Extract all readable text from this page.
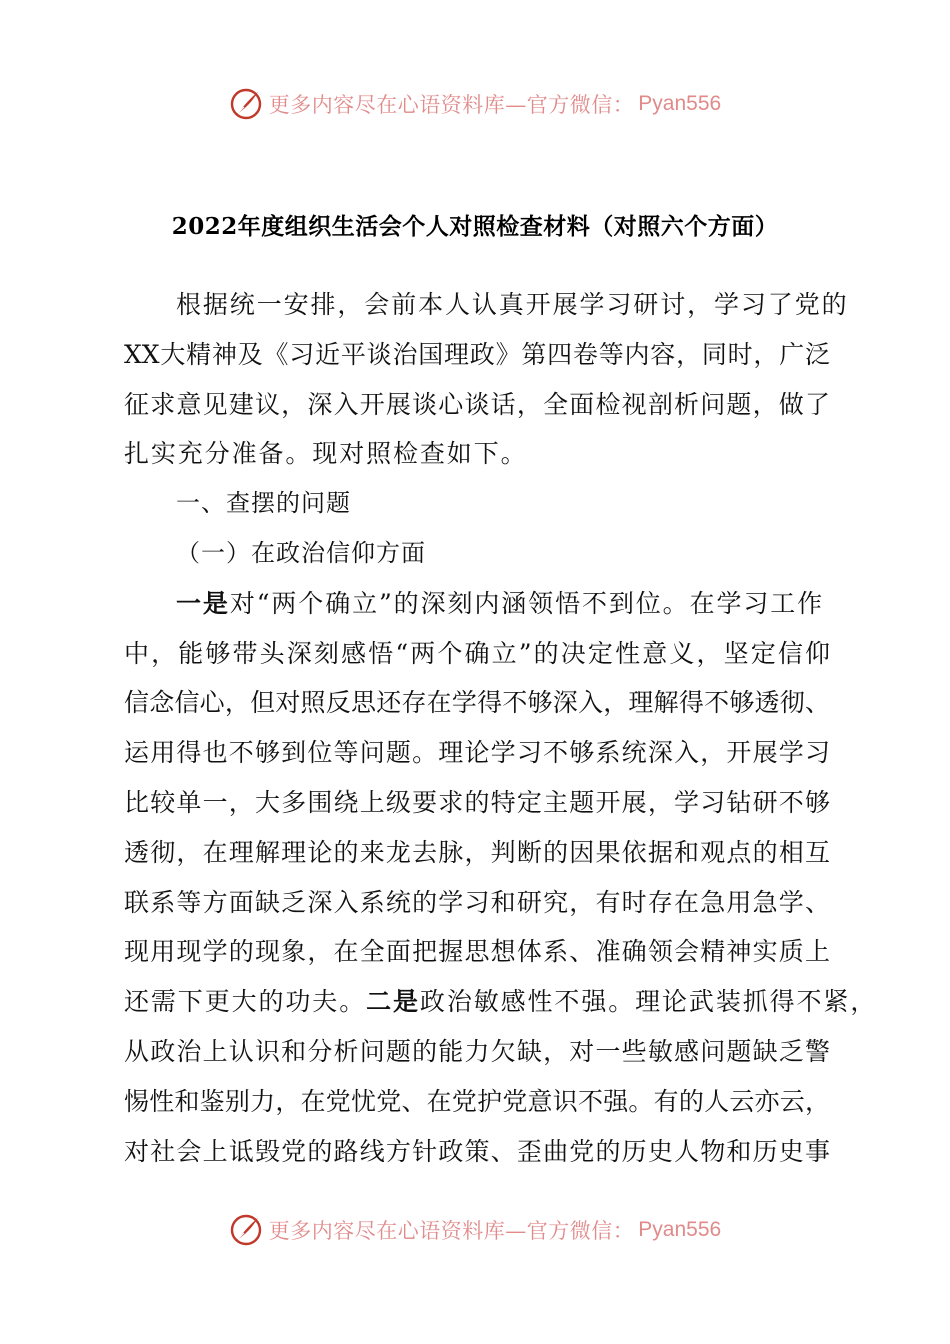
更多内容尽在心语资料库—官方微信： Pyan556
2022年度组织生活会个人对照检查材料（对照六个方面）
根据统一安排，会前本人认真开展学习研讨，学习了党的
XX大精神及《习近平谈治国理政》第四卷等内容，同时，广泛
征求意见建议，深入开展谈心谈话，全面检视剖析问题，做了
扎实充分准备。现对照检查如下。
一、查摆的问题
（一）在政治信仰方面
一是对“两个确立”的深刻内涵领悟不到位。在学习工作
中，能够带头深刻感悟“两个确立”的决定性意义，坚定信仰
信念信心，但对照反思还存在学得不够深入，理解得不够透彻、
运用得也不够到位等问题。理论学习不够系统深入，开展学习
比较单一，大多围绕上级要求的特定主题开展，学习钻研不够
透彻，在理解理论的来龙去脉，判断的因果依据和观点的相互
联系等方面缺乏深入系统的学习和研究，有时存在急用急学、
现用现学的现象，在全面把握思想体系、准确领会精神实质上
还需下更大的功夫。二是政治敏感性不强。理论武装抓得不紧，
从政治上认识和分析问题的能力欠缺，对一些敏感问题缺乏警
惕性和鉴别力，在党忧党、在党护党意识不强。有的人云亦云，
对社会上诋毁党的路线方针政策、歪曲党的历史人物和历史事
更多内容尽在心语资料库—官方微信： Pyan556
